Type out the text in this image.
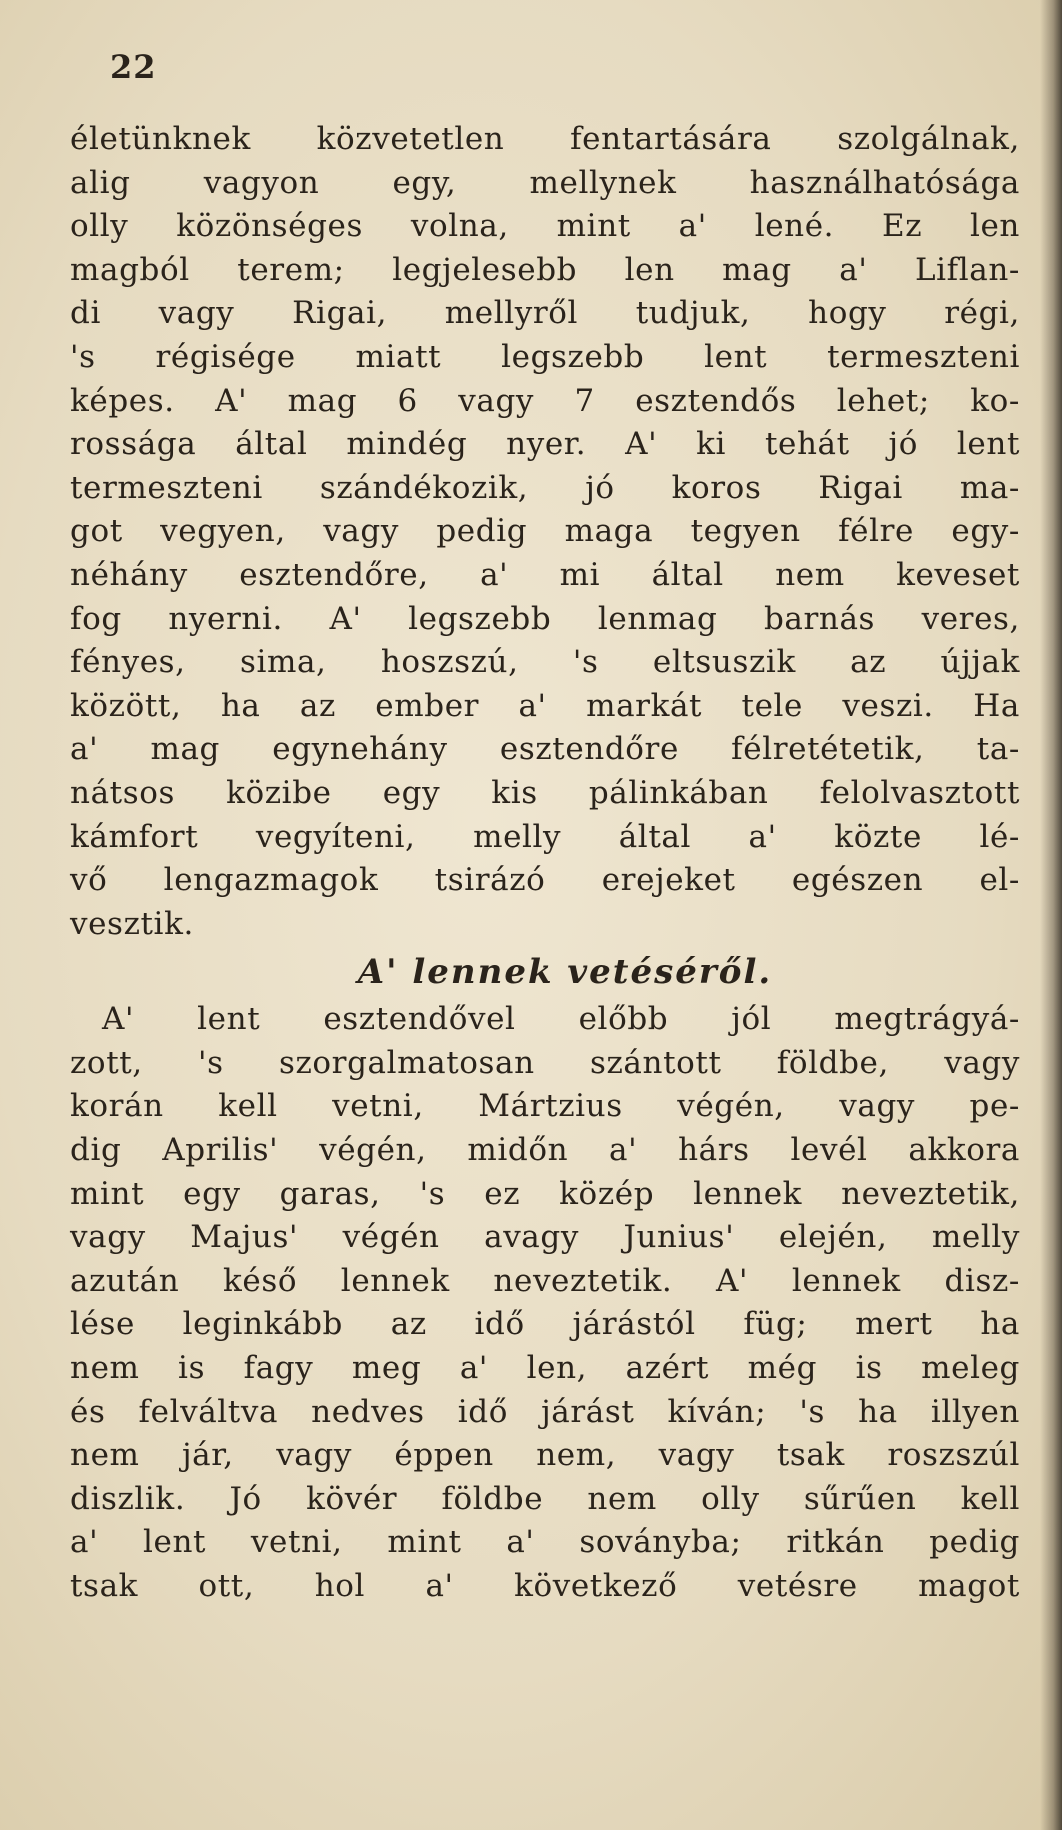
22
életünknek közvetetlen fentartására szolgálnak,
alig vagyon egy, mellynek használhatósága
olly közönséges volna, mint a' lené. Ez len
magból terem; legjelesebb len mag a' Liflan-
di vagy Rigai, mellyről tudjuk, hogy régi,
's régisége miatt legszebb lent termeszteni
képes. A' mag 6 vagy 7 esztendős lehet; ko-
rossága által mindég nyer. A' ki tehát jó lent
termeszteni szándékozik, jó koros Rigai ma-
got vegyen, vagy pedig maga tegyen félre egy-
néhány esztendőre, a' mi által nem keveset
fog nyerni. A' legszebb lenmag barnás veres,
fényes, sima, hoszszú, 's eltsuszik az újjak
között, ha az ember a' markát tele veszi. Ha
a' mag egynehány esztendőre félretétetik, ta-
nátsos közibe egy kis pálinkában felolvasztott
kámfort vegyíteni, melly által a' közte lé-
vő lengazmagok tsirázó erejeket egészen el-
vesztik.
A' lennek vetéséről.
A' lent esztendővel előbb jól megtrágyá-
zott, 's szorgalmatosan szántott földbe, vagy
korán kell vetni, Mártzius végén, vagy pe-
dig Aprilis' végén, midőn a' hárs levél akkora
mint egy garas, 's ez közép lennek neveztetik,
vagy Majus' végén avagy Junius' elején, melly
azután késő lennek neveztetik. A' lennek disz-
lése leginkább az idő járástól füg; mert ha
nem is fagy meg a' len, azért még is meleg
és felváltva nedves idő járást kíván; 's ha illyen
nem jár, vagy éppen nem, vagy tsak roszszúl
diszlik. Jó kövér földbe nem olly sűrűen kell
a' lent vetni, mint a' soványba; ritkán pedig
tsak ott, hol a' következő vetésre magot
